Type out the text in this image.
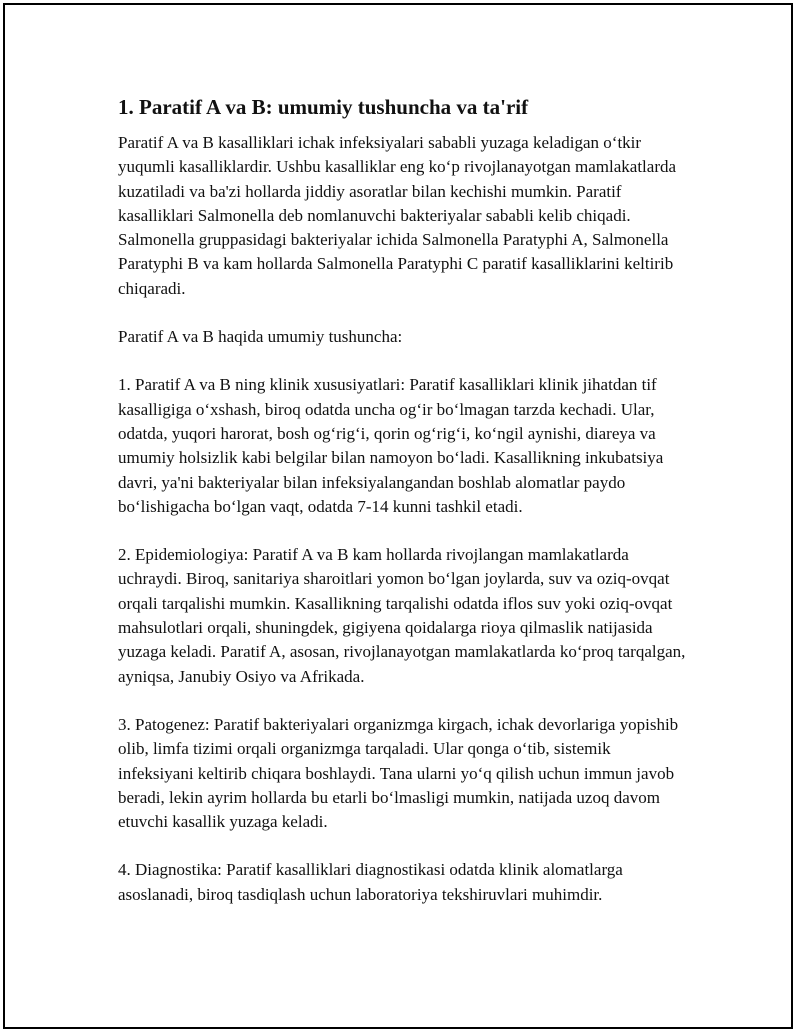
1. Paratif A va B: umumiy tushuncha va ta'rif

Paratif A va B kasalliklari ichak infeksiyalari sababli yuzaga keladigan o‘tkir yuqumli kasalliklardir. Ushbu kasalliklar eng ko‘p rivojlanayotgan mamlakatlarda kuzatiladi va ba'zi hollarda jiddiy asoratlar bilan kechishi mumkin. Paratif kasalliklari Salmonella deb nomlanuvchi bakteriyalar sababli kelib chiqadi. Salmonella gruppasidagi bakteriyalar ichida Salmonella Paratyphi A, Salmonella Paratyphi B va kam hollarda Salmonella Paratyphi C paratif kasalliklarini keltirib chiqaradi.

Paratif A va B haqida umumiy tushuncha:

1. Paratif A va B ning klinik xususiyatlari: Paratif kasalliklari klinik jihatdan tif kasalligiga o‘xshash, biroq odatda uncha og‘ir bo‘lmagan tarzda kechadi. Ular, odatda, yuqori harorat, bosh og‘rig‘i, qorin og‘rig‘i, ko‘ngil aynishi, diareya va umumiy holsizlik kabi belgilar bilan namoyon bo‘ladi. Kasallikning inkubatsiya davri, ya'ni bakteriyalar bilan infeksiyalangandan boshlab alomatlar paydo bo‘lishigacha bo‘lgan vaqt, odatda 7-14 kunni tashkil etadi.

2. Epidemiologiya: Paratif A va B kam hollarda rivojlangan mamlakatlarda uchraydi. Biroq, sanitariya sharoitlari yomon bo‘lgan joylarda, suv va oziq-ovqat orqali tarqalishi mumkin. Kasallikning tarqalishi odatda iflos suv yoki oziq-ovqat mahsulotlari orqali, shuningdek, gigiyena qoidalarga rioya qilmaslik natijasida yuzaga keladi. Paratif A, asosan, rivojlanayotgan mamlakatlarda ko‘proq tarqalgan, ayniqsa, Janubiy Osiyo va Afrikada.

3. Patogenez: Paratif bakteriyalari organizmga kirgach, ichak devorlariga yopishib olib, limfa tizimi orqali organizmga tarqaladi. Ular qonga o‘tib, sistemik infeksiyani keltirib chiqara boshlaydi. Tana ularni yo‘q qilish uchun immun javob beradi, lekin ayrim hollarda bu etarli bo‘lmasligi mumkin, natijada uzoq davom etuvchi kasallik yuzaga keladi.

4. Diagnostika: Paratif kasalliklari diagnostikasi odatda klinik alomatlarga asoslanadi, biroq tasdiqlash uchun laboratoriya tekshiruvlari muhimdir.
